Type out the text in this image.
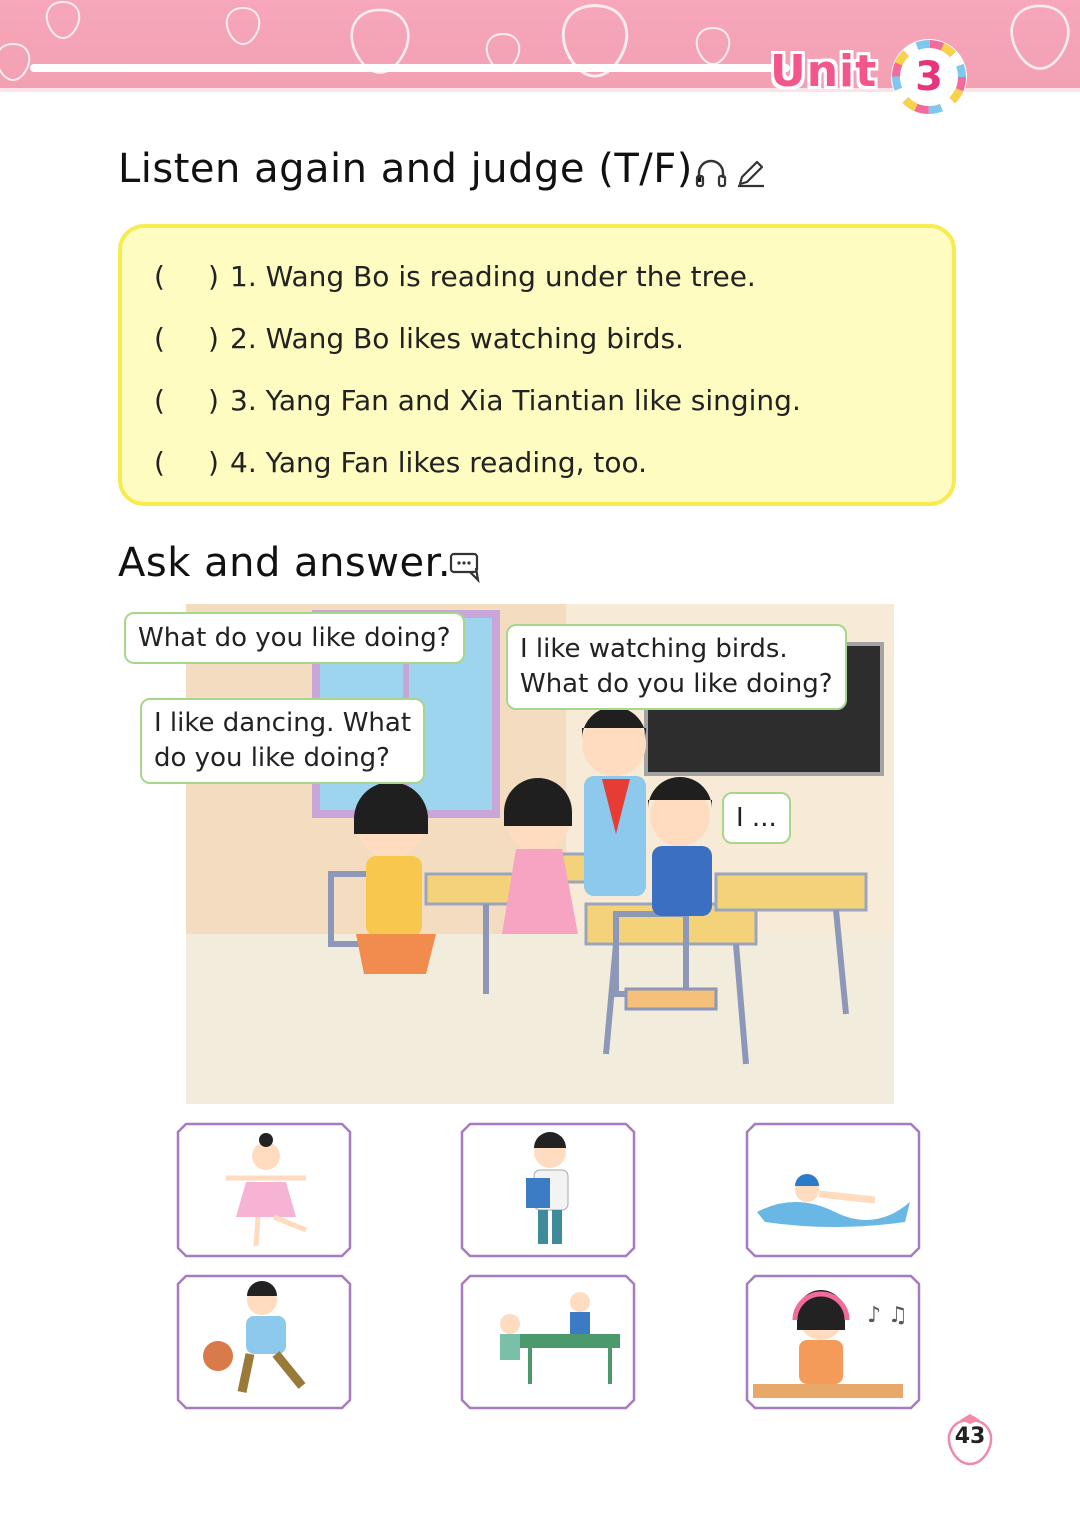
Unit 3
Listen again and judge (T/F).
( ) 1. Wang Bo is reading under the tree.
( ) 2. Wang Bo likes watching birds.
( ) 3. Yang Fan and Xia Tiantian like singing.
( ) 4. Yang Fan likes reading, too.
Ask and answer.
What do you like doing?	I like watching birds.
What do you like doing?
I like dancing. What
do you like doing?
I ...
♪ ♫
43
